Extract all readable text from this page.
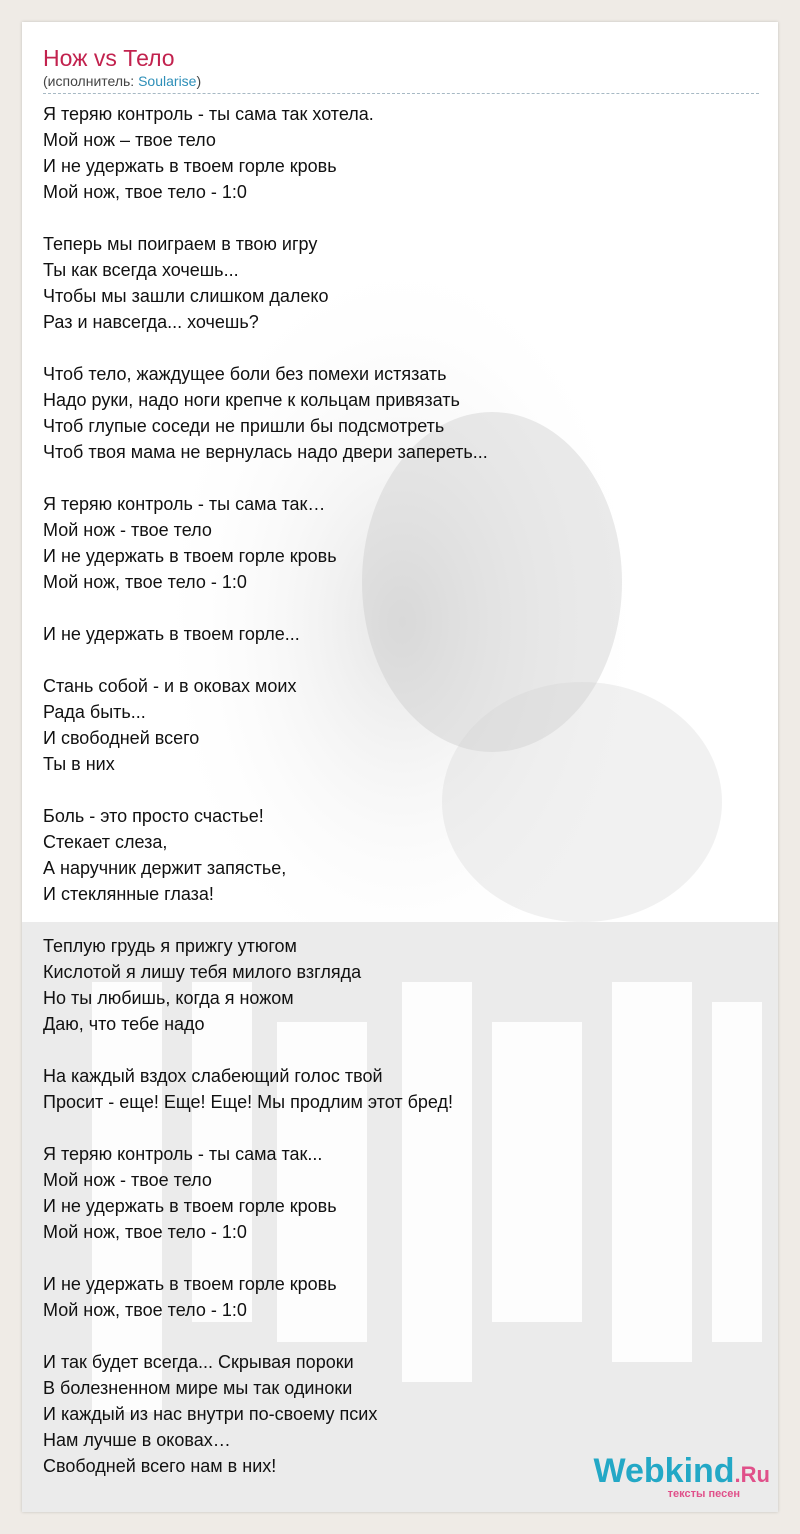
Нож vs Тело
(исполнитель: Soularise)
Я теряю контроль - ты сама так хотела.
Мой нож – твое тело
И не удержать в твоем горле кровь
Мой нож, твое тело - 1:0
Теперь мы поиграем в твою игру
Ты как всегда хочешь...
Чтобы мы зашли слишком далеко
Раз и навсегда... хочешь?
Чтоб тело, жаждущее боли без помехи истязать
Надо руки, надо ноги крепче к кольцам привязать
Чтоб глупые соседи не пришли бы подсмотреть
Чтоб твоя мама не вернулась надо двери запереть...
Я теряю контроль - ты сама так…
Мой нож - твое тело
И не удержать в твоем горле кровь
Мой нож, твое тело - 1:0
И не удержать в твоем горле...
Стань собой - и в оковах моих
Рада быть...
И свободней всего
Ты в них
Боль - это просто счастье!
Стекает слеза,
А наручник держит запястье,
И стеклянные глаза!
Теплую грудь я прижгу утюгом
Кислотой я лишу тебя милого взгляда
Но ты любишь, когда я ножом
Даю, что тебе надо
На каждый вздох слабеющий голос твой
Просит - еще! Еще! Еще! Мы продлим этот бред!
Я теряю контроль - ты сама так...
Мой нож - твое тело
И не удержать в твоем горле кровь
Мой нож, твое тело - 1:0
И не удержать в твоем горле кровь
Мой нож, твое тело - 1:0
И так будет всегда... Скрывая пороки
В болезненном мире мы так одиноки
И каждый из нас внутри по-своему псих
Нам лучше в оковах…
Свободней всего нам в них!	Webkind.Ru
тексты песен
